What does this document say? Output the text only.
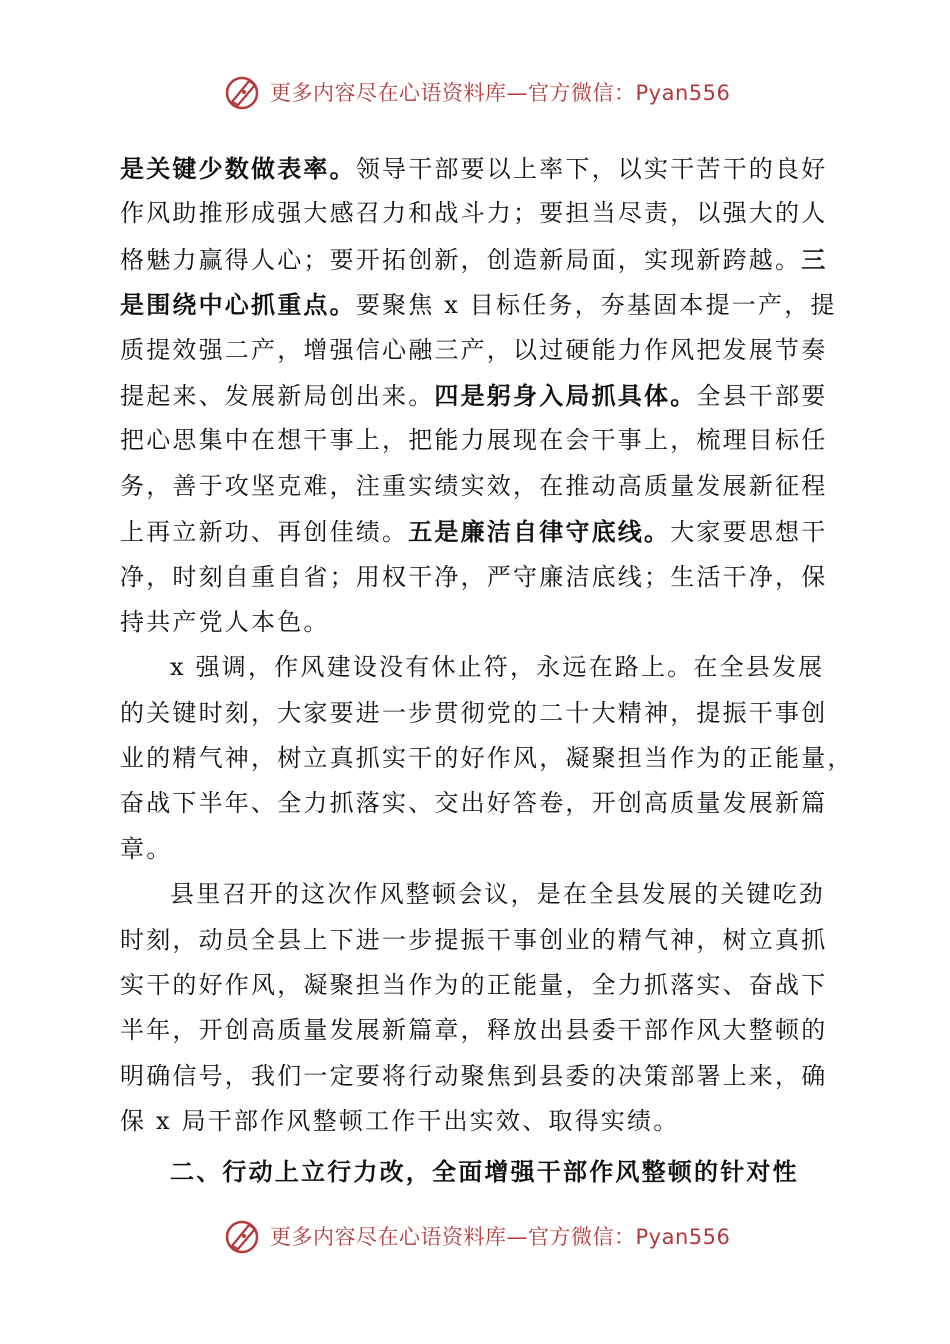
更多内容尽在心语资料库—官方微信：Pyan556
是关键少数做表率。领导干部要以上率下，以实干苦干的良好
作风助推形成强大感召力和战斗力；要担当尽责，以强大的人
格魅力赢得人心；要开拓创新，创造新局面，实现新跨越。三
是围绕中心抓重点。要聚焦 x 目标任务，夯基固本提一产，提
质提效强二产，增强信心融三产，以过硬能力作风把发展节奏
提起来、发展新局创出来。四是躬身入局抓具体。全县干部要
把心思集中在想干事上，把能力展现在会干事上，梳理目标任
务，善于攻坚克难，注重实绩实效，在推动高质量发展新征程
上再立新功、再创佳绩。五是廉洁自律守底线。大家要思想干
净，时刻自重自省；用权干净，严守廉洁底线；生活干净，保
持共产党人本色。
x 强调，作风建设没有休止符，永远在路上。在全县发展
的关键时刻，大家要进一步贯彻党的二十大精神，提振干事创
业的精气神，树立真抓实干的好作风，凝聚担当作为的正能量，
奋战下半年、全力抓落实、交出好答卷，开创高质量发展新篇
章。
县里召开的这次作风整顿会议，是在全县发展的关键吃劲
时刻，动员全县上下进一步提振干事创业的精气神，树立真抓
实干的好作风，凝聚担当作为的正能量，全力抓落实、奋战下
半年，开创高质量发展新篇章，释放出县委干部作风大整顿的
明确信号，我们一定要将行动聚焦到县委的决策部署上来，确
保 x 局干部作风整顿工作干出实效、取得实绩。
二、行动上立行力改，全面增强干部作风整顿的针对性
更多内容尽在心语资料库—官方微信：Pyan556
